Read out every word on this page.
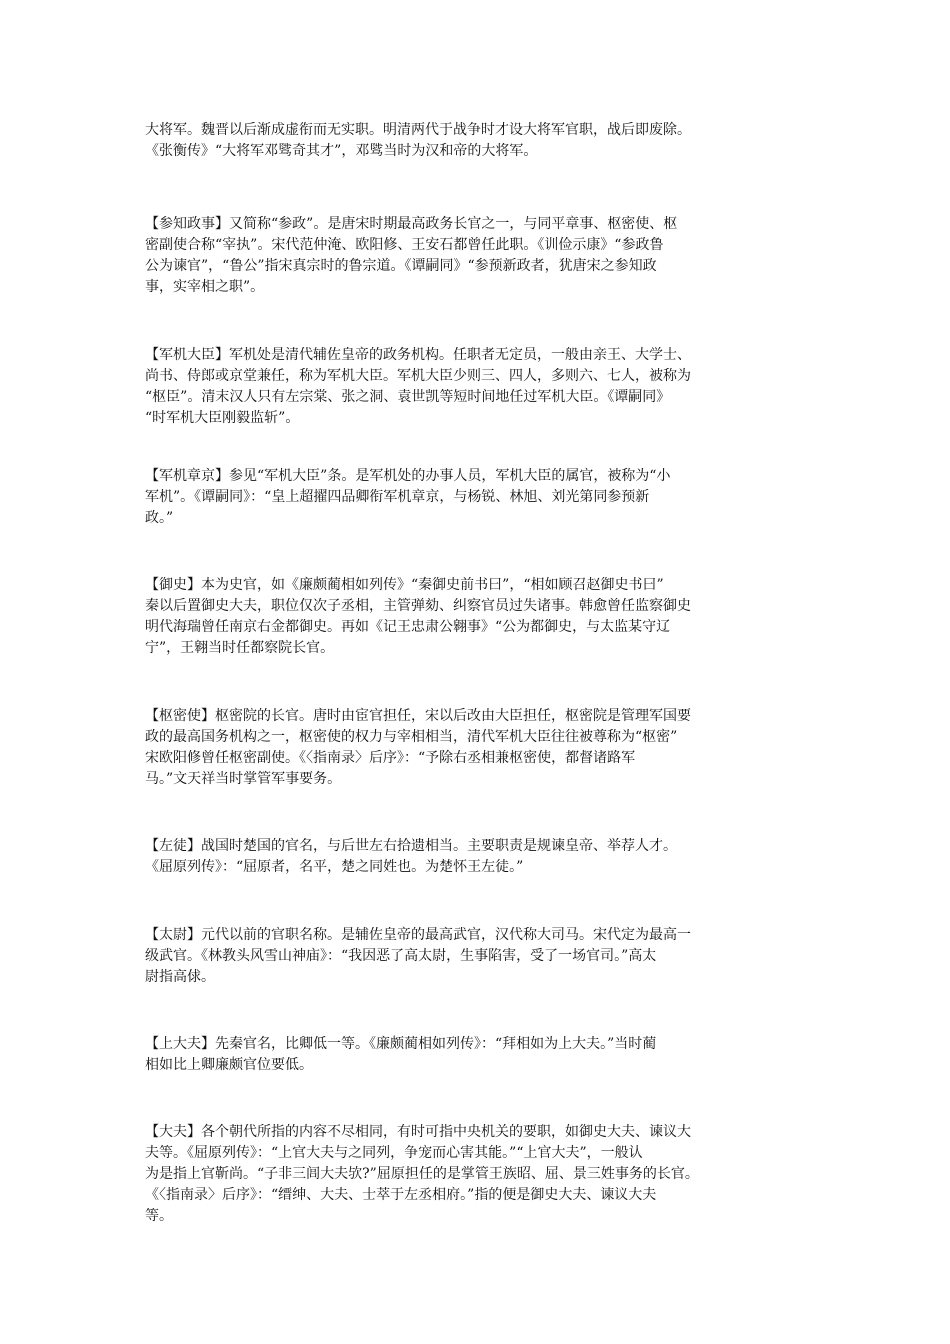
大将军。魏晋以后渐成虚衔而无实职。明清两代于战争时才设大将军官职，战后即废除。

《张衡传》“大将军邓骘奇其才”，邓骘当时为汉和帝的大将军。

【参知政事】又简称“参政”。是唐宋时期最高政务长官之一，与同平章事、枢密使、枢

密副使合称“宰执”。宋代范仲淹、欧阳修、王安石都曾任此职。《训俭示康》“参政鲁

公为谏官”，“鲁公”指宋真宗时的鲁宗道。《谭嗣同》“参预新政者，犹唐宋之参知政

事，实宰相之职”。

【军机大臣】军机处是清代辅佐皇帝的政务机构。任职者无定员，一般由亲王、大学士、

尚书、侍郎或京堂兼任，称为军机大臣。军机大臣少则三、四人，多则六、七人，被称为

“枢臣”。清末汉人只有左宗棠、张之洞、袁世凯等短时间地任过军机大臣。《谭嗣同》

“时军机大臣刚毅监斩”。

【军机章京】参见“军机大臣”条。是军机处的办事人员，军机大臣的属官，被称为“小

军机”。《谭嗣同》：“皇上超擢四品卿衔军机章京，与杨锐、林旭、刘光第同参预新

政。”

【御史】本为史官，如《廉颇蔺相如列传》“秦御史前书曰”，“相如顾召赵御史书曰”

秦以后置御史大夫，职位仅次子丞相，主管弹劾、纠察官员过失诸事。韩愈曾任监察御史

明代海瑞曾任南京右金都御史。再如《记王忠肃公翱事》“公为都御史，与太监某守辽

宁”，王翱当时任都察院长官。

【枢密使】枢密院的长官。唐时由宦官担任，宋以后改由大臣担任，枢密院是管理军国要

政的最高国务机构之一，枢密使的权力与宰相相当，清代军机大臣往往被尊称为“枢密”

宋欧阳修曾任枢密副使。《〈指南录〉后序》：“予除右丞相兼枢密使，都督诸路军

马。”文天祥当时掌管军事要务。

【左徒】战国时楚国的官名，与后世左右拾遗相当。主要职责是规谏皇帝、举荐人才。

《屈原列传》：“屈原者，名平，楚之同姓也。为楚怀王左徒。”

【太尉】元代以前的官职名称。是辅佐皇帝的最高武官，汉代称大司马。宋代定为最高一

级武官。《林教头风雪山神庙》：“我因恶了高太尉，生事陷害，受了一场官司。”高太

尉指高俅。

【上大夫】先秦官名，比卿低一等。《廉颇蔺相如列传》：“拜相如为上大夫。”当时蔺

相如比上卿廉颇官位要低。

【大夫】各个朝代所指的内容不尽相同，有时可指中央机关的要职，如御史大夫、谏议大

夫等。《屈原列传》：“上官大夫与之同列，争宠而心害其能。”“上官大夫”，一般认

为是指上官靳尚。“子非三闾大夫欤?”屈原担任的是掌管王族昭、屈、景三姓事务的长官。

《〈指南录〉后序》：“缙绅、大夫、士萃于左丞相府。”指的便是御史大夫、谏议大夫

等。
